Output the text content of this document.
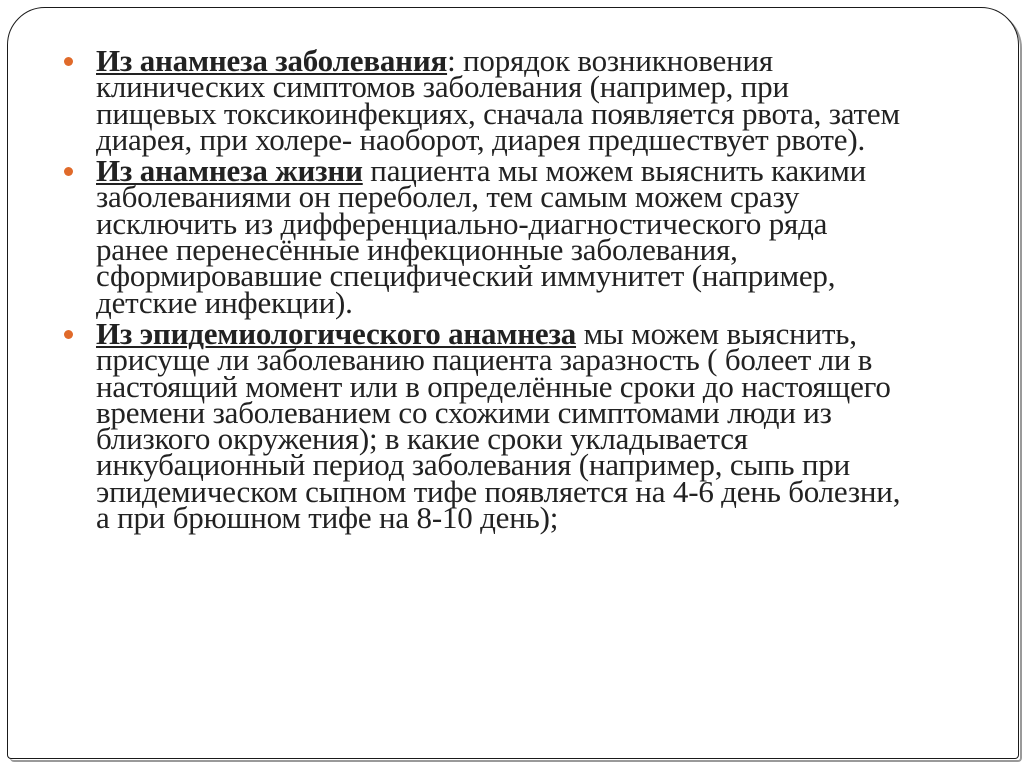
Из анамнеза заболевания: порядок возникновения клинических симптомов заболевания (например, при пищевых токсикоинфекциях, сначала появляется рвота, затем диарея, при холере- наоборот, диарея предшествует рвоте).
Из анамнеза жизни пациента мы можем выяснить какими заболеваниями он переболел, тем самым можем сразу исключить из дифференциально-диагностического ряда ранее перенесённые инфекционные заболевания, сформировавшие специфический иммунитет (например, детские инфекции).
Из эпидемиологического анамнеза мы можем выяснить, присуще ли заболеванию пациента заразность ( болеет ли в настоящий момент или в определённые сроки до настоящего времени заболеванием со схожими симптомами люди из близкого окружения); в какие сроки укладывается инкубационный период заболевания (например, сыпь при эпидемическом сыпном тифе появляется на 4-6 день болезни, а при брюшном тифе на 8-10 день);
